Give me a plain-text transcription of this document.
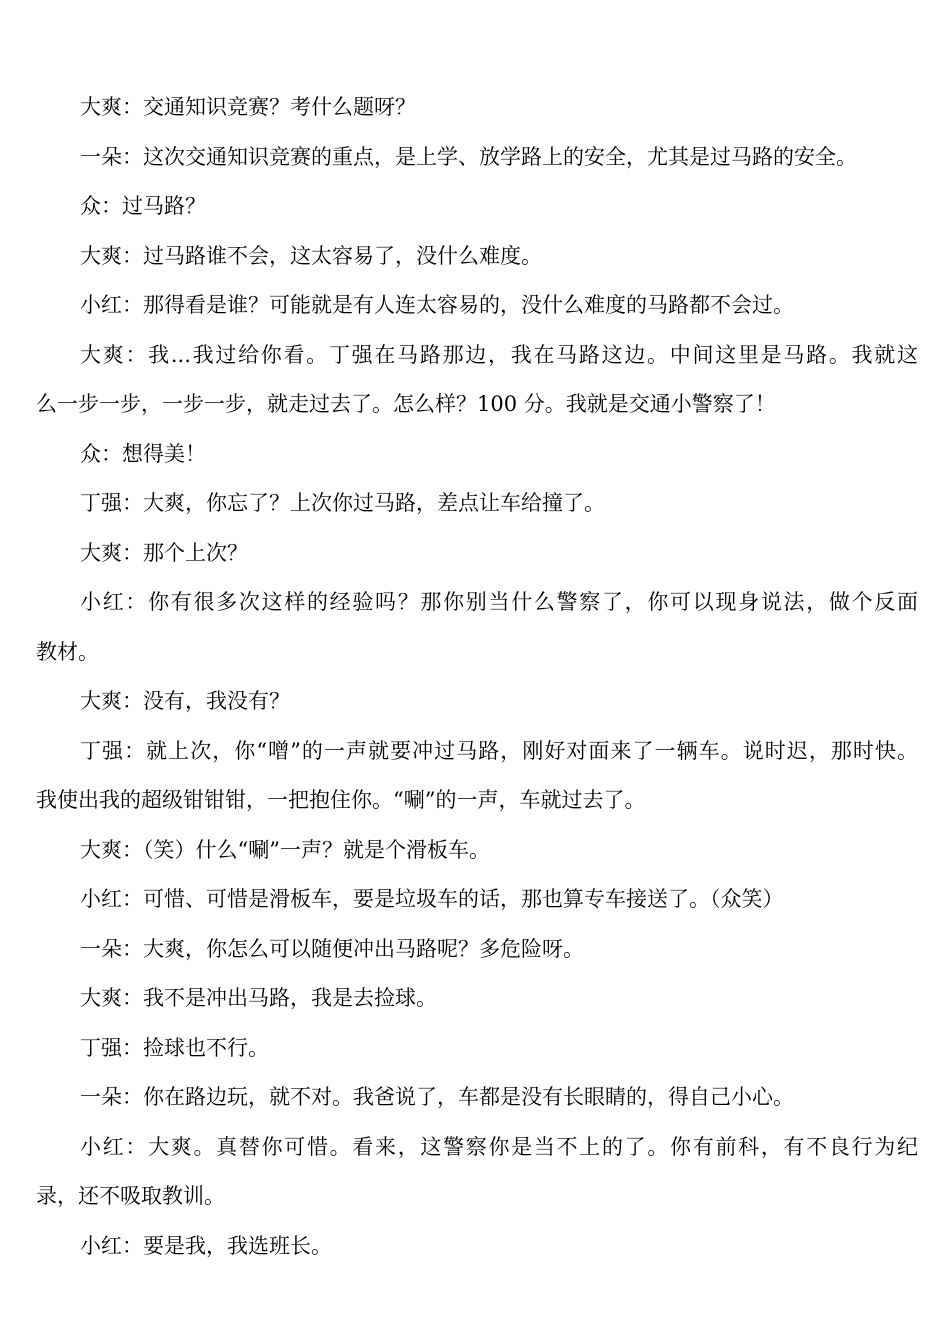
大爽：交通知识竞赛？考什么题呀？
一朵：这次交通知识竞赛的重点，是上学、放学路上的安全，尤其是过马路的安全。
众：过马路？
大爽：过马路谁不会，这太容易了，没什么难度。
小红：那得看是谁？可能就是有人连太容易的，没什么难度的马路都不会过。
大爽：我...我过给你看。丁强在马路那边，我在马路这边。中间这里是马路。我就这
么一步一步，一步一步，就走过去了。怎么样？100 分。我就是交通小警察了！
众：想得美！
丁强：大爽，你忘了？上次你过马路，差点让车给撞了。
大爽：那个上次？
小红：你有很多次这样的经验吗？那你别当什么警察了，你可以现身说法，做个反面
教材。
大爽：没有，我没有？
丁强：就上次，你“噌”的一声就要冲过马路，刚好对面来了一辆车。说时迟，那时快。
我使出我的超级钳钳钳，一把抱住你。“唰”的一声，车就过去了。
大爽：（笑）什么“唰”一声？就是个滑板车。
小红：可惜、可惜是滑板车，要是垃圾车的话，那也算专车接送了。（众笑）
一朵：大爽，你怎么可以随便冲出马路呢？多危险呀。
大爽：我不是冲出马路，我是去捡球。
丁强：捡球也不行。
一朵：你在路边玩，就不对。我爸说了，车都是没有长眼睛的，得自己小心。
小红：大爽。真替你可惜。看来，这警察你是当不上的了。你有前科，有不良行为纪
录，还不吸取教训。
小红：要是我，我选班长。
